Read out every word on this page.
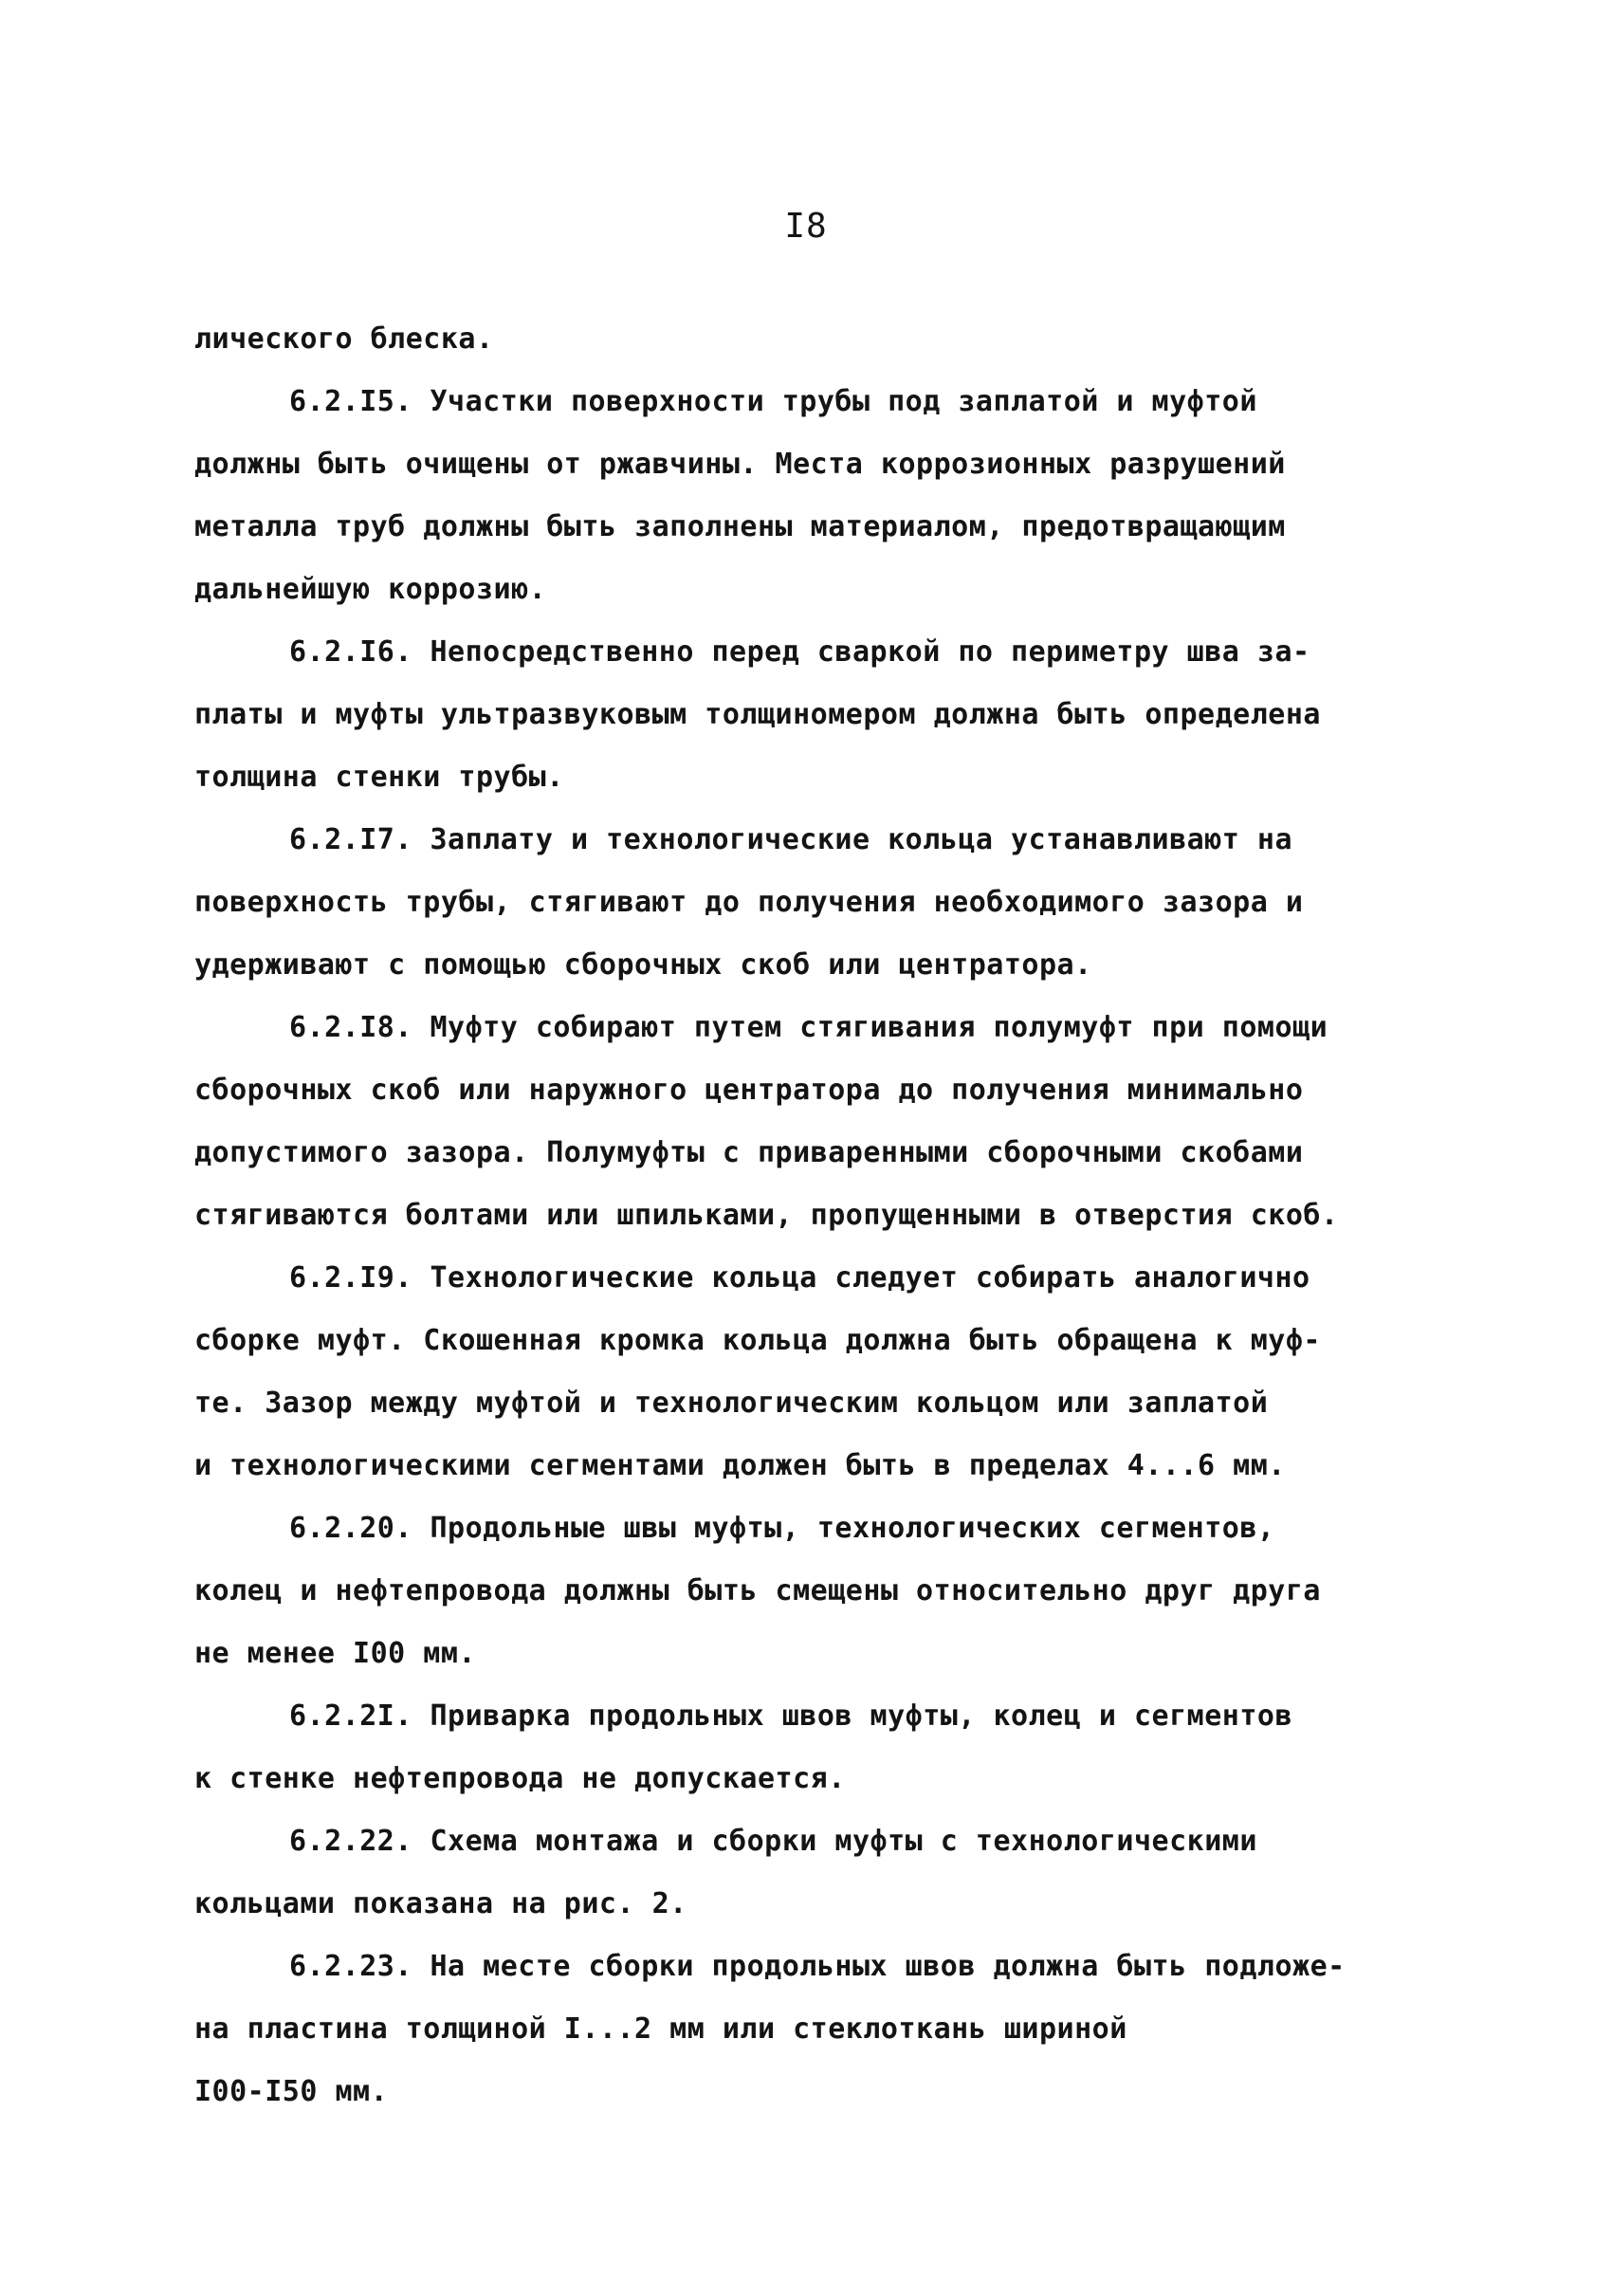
I8
лического блеска.
6.2.I5. Участки поверхности трубы под заплатой и муфтой
должны быть очищены от ржавчины. Места коррозионных разрушений
металла труб должны быть заполнены материалом, предотвращающим
дальнейшую коррозию.
6.2.I6. Непосредственно перед сваркой по периметру шва за-
платы и муфты ультразвуковым толщиномером должна быть определена
толщина стенки трубы.
6.2.I7. Заплату и технологические кольца устанавливают на
поверхность трубы, стягивают до получения необходимого зазора и
удерживают с помощью сборочных скоб или центратора.
6.2.I8. Муфту собирают путем стягивания полумуфт при помощи
сборочных скоб или наружного центратора до получения минимально
допустимого зазора. Полумуфты с приваренными сборочными скобами
стягиваются болтами или шпильками, пропущенными в отверстия скоб.
6.2.I9. Технологические кольца следует собирать аналогично
сборке муфт. Скошенная кромка кольца должна быть обращена к муф-
те. Зазор между муфтой и технологическим кольцом или заплатой
и технологическими сегментами должен быть в пределах 4...6 мм.
6.2.20. Продольные швы муфты, технологических сегментов,
колец и нефтепровода должны быть смещены относительно друг друга
не менее I00 мм.
6.2.2I. Приварка продольных швов муфты, колец и сегментов
к стенке нефтепровода не допускается.
6.2.22. Схема монтажа и сборки муфты с технологическими
кольцами показана на рис. 2.
6.2.23. На месте сборки продольных швов должна быть подложе-
на пластина толщиной I...2 мм или стеклоткань шириной
I00-I50 мм.
